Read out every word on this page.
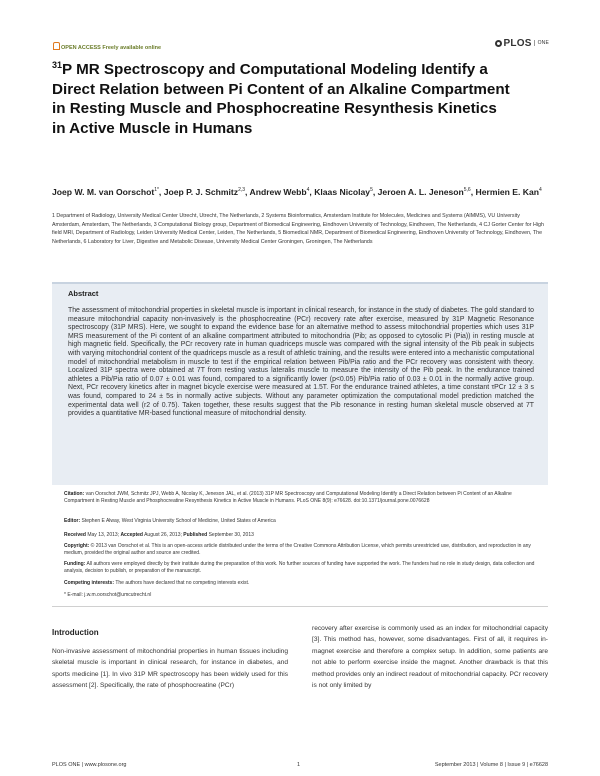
OPEN ACCESS Freely available online	PLOS $^{ONE}$
$^{31}$P MR Spectroscopy and Computational Modeling Identify a Direct Relation between Pi Content of an Alkaline Compartment in Resting Muscle and Phosphocreatine Resynthesis Kinetics in Active Muscle in Humans
Joep W. M. van Oorschot$^{1*}$, Joep P. J. Schmitz$^{2,3}$, Andrew Webb$^4$, Klaas Nicolay$^5$, Jeroen A. L. Jeneson$^{5,6}$, Hermien E. Kan$^4$
1 Department of Radiology, University Medical Center Utrecht, Utrecht, The Netherlands, 2 Systems Bioinformatics, Amsterdam Institute for Molecules, Medicines and Systems (AIMMS), VU University Amsterdam, Amsterdam, The Netherlands, 3 Computational Biology group, Department of Biomedical Engineering, Eindhoven University of Technology, Eindhoven, The Netherlands, 4 CJ Gorter Center for High field MRI, Department of Radiology, Leiden University Medical Center, Leiden, The Netherlands, 5 Biomedical NMR, Department of Biomedical Engineering, Eindhoven University of Technology, Eindhoven, The Netherlands, 6 Laboratory for Liver, Digestive and Metabolic Disease, University Medical Center Groningen, Groningen, The Netherlands
Abstract
The assessment of mitochondrial properties in skeletal muscle is important in clinical research, for instance in the study of diabetes. The gold standard to measure mitochondrial capacity non-invasively is the phosphocreatine (PCr) recovery rate after exercise, measured by 31P Magnetic Resonance spectroscopy (31P MRS). Here, we sought to expand the evidence base for an alternative method to assess mitochondrial properties which uses 31P MRS measurement of the Pi content of an alkaline compartment attributed to mitochondria (Pib; as opposed to cytosolic Pi (Pia)) in resting muscle at high magnetic field. Specifically, the PCr recovery rate in human quadriceps muscle was compared with the signal intensity of the Pib peak in subjects with varying mitochondrial content of the quadriceps muscle as a result of athletic training, and the results were entered into a mechanistic computational model of mitochondrial metabolism in muscle to test if the empirical relation between Pib/Pia ratio and the PCr recovery was consistent with theory. Localized 31P spectra were obtained at 7T from resting vastus lateralis muscle to measure the intensity of the Pib peak. In the endurance trained athletes a Pib/Pia ratio of 0.07 ± 0.01 was found, compared to a significantly lower (p<0.05) Pib/Pia ratio of 0.03 ± 0.01 in the normally active group. Next, PCr recovery kinetics after in magnet bicycle exercise were measured at 1.5T. For the endurance trained athletes, a time constant τPCr 12 ± 3 s was found, compared to 24 ± 5s in normally active subjects. Without any parameter optimization the computational model prediction matched the experimental data well (r2 of 0.75). Taken together, these results suggest that the Pib resonance in resting human skeletal muscle observed at 7T provides a quantitative MR-based functional measure of mitochondrial density.
Citation: van Oorschot JWM, Schmitz JPJ, Webb A, Nicolay K, Jeneson JAL, et al. (2013) 31P MR Spectroscopy and Computational Modeling Identify a Direct Relation between Pi Content of an Alkaline Compartment in Resting Muscle and Phosphocreatine Resynthesis Kinetics in Active Muscle in Humans. PLoS ONE 8(9): e76628. doi:10.1371/journal.pone.0076628
Editor: Stephen E Alway, West Virginia University School of Medicine, United States of America
Received May 13, 2013; Accepted August 26, 2013; Published September 30, 2013
Copyright: © 2013 van Oorschot et al. This is an open-access article distributed under the terms of the Creative Commons Attribution License, which permits unrestricted use, distribution, and reproduction in any medium, provided the original author and source are credited.
Funding: All authors were employed directly by their institute during the preparation of this work. No further sources of funding have supported the work. The funders had no role in study design, data collection and analysis, decision to publish, or preparation of the manuscript.
Competing interests: The authors have declared that no competing interests exist.
* E-mail: j.w.m.oorschot@umcutrecht.nl
Introduction
Non-invasive assessment of mitochondrial properties in human tissues including skeletal muscle is important in clinical research, for instance in diabetes, and sports medicine [1]. In vivo 31P MR spectroscopy has been widely used for this assessment [2]. Specifically, the rate of phosphocreatine (PCr)
recovery after exercise is commonly used as an index for mitochondrial capacity [3]. This method has, however, some disadvantages. First of all, it requires in-magnet exercise and therefore a complex setup. In addition, some patients are not able to perform exercise inside the magnet. Another drawback is that this method provides only an indirect readout of mitochondrial capacity. PCr recovery is not only limited by
PLOS ONE | www.plosone.org	1	September 2013 | Volume 8 | Issue 9 | e76628
